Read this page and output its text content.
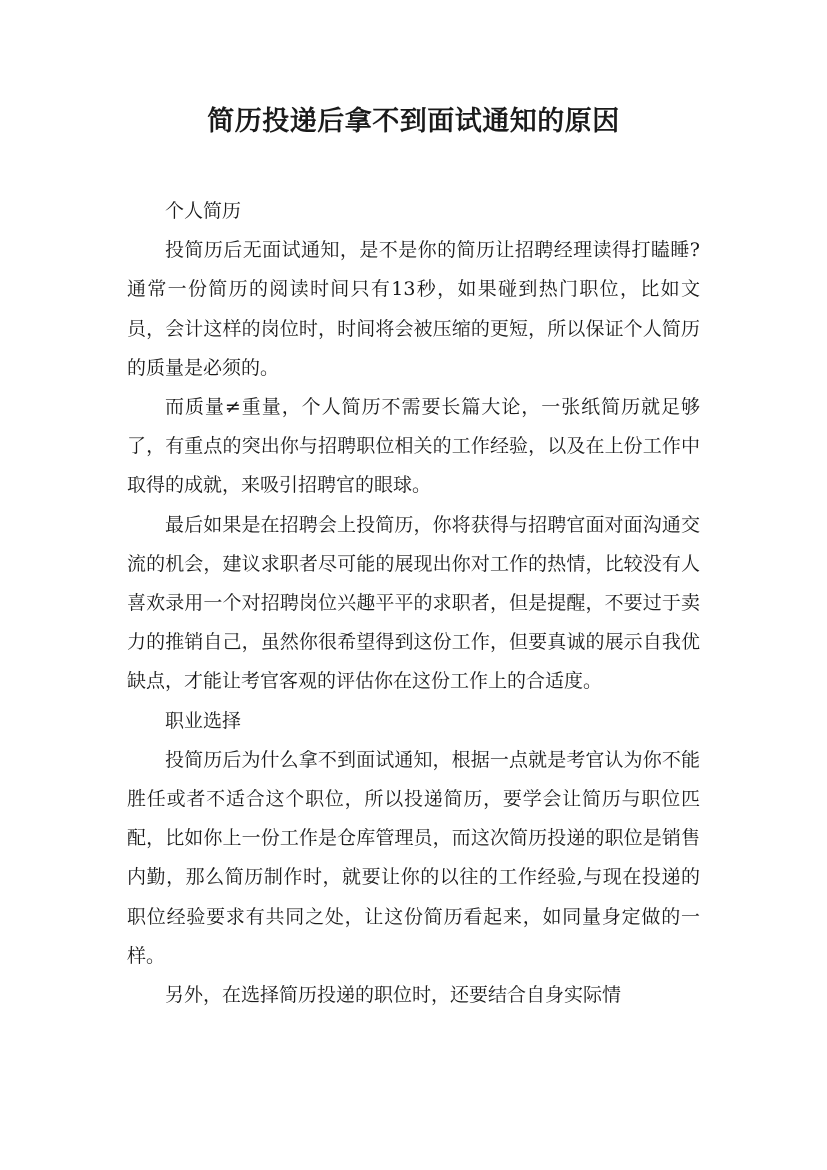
简历投递后拿不到面试通知的原因

个人简历

投简历后无面试通知，是不是你的简历让招聘经理读得打瞌睡?通常一份简历的阅读时间只有13秒，如果碰到热门职位，比如文员，会计这样的岗位时，时间将会被压缩的更短，所以保证个人简历的质量是必须的。

而质量≠重量，个人简历不需要长篇大论，一张纸简历就足够了，有重点的突出你与招聘职位相关的工作经验，以及在上份工作中取得的成就，来吸引招聘官的眼球。

最后如果是在招聘会上投简历，你将获得与招聘官面对面沟通交流的机会，建议求职者尽可能的展现出你对工作的热情，比较没有人喜欢录用一个对招聘岗位兴趣平平的求职者，但是提醒，不要过于卖力的推销自己，虽然你很希望得到这份工作，但要真诚的展示自我优缺点，才能让考官客观的评估你在这份工作上的合适度。

职业选择

投简历后为什么拿不到面试通知，根据一点就是考官认为你不能胜任或者不适合这个职位，所以投递简历，要学会让简历与职位匹配，比如你上一份工作是仓库管理员，而这次简历投递的职位是销售内勤，那么简历制作时，就要让你的以往的工作经验,与现在投递的职位经验要求有共同之处，让这份简历看起来，如同量身定做的一样。

另外，在选择简历投递的职位时，还要结合自身实际情
